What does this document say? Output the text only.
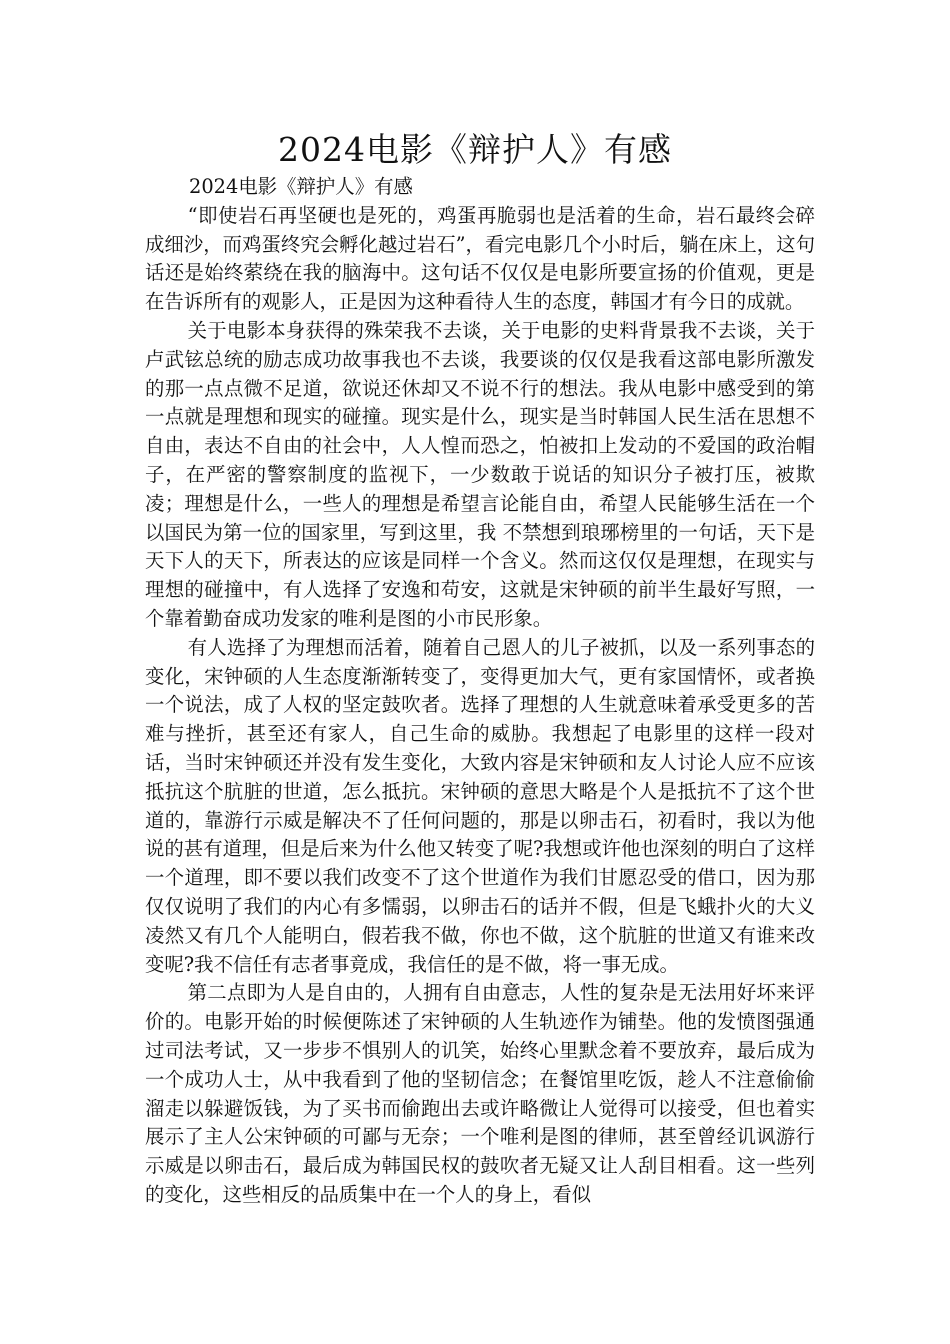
2024电影《辩护人》有感

2024电影《辩护人》有感

“即使岩石再坚硬也是死的，鸡蛋再脆弱也是活着的生命，岩石最终会碎成细沙，而鸡蛋终究会孵化越过岩石”，看完电影几个小时后，躺在床上，这句话还是始终萦绕在我的脑海中。这句话不仅仅是电影所要宣扬的价值观，更是在告诉所有的观影人，正是因为这种看待人生的态度，韩国才有今日的成就。

关于电影本身获得的殊荣我不去谈，关于电影的史料背景我不去谈，关于卢武铉总统的励志成功故事我也不去谈，我要谈的仅仅是我看这部电影所激发的那一点点微不足道，欲说还休却又不说不行的想法。我从电影中感受到的第一点就是理想和现实的碰撞。现实是什么，现实是当时韩国人民生活在思想不自由，表达不自由的社会中，人人惶而恐之，怕被扣上发动的不爱国的政治帽子，在严密的警察制度的监视下，一少数敢于说话的知识分子被打压，被欺凌；理想是什么，一些人的理想是希望言论能自由，希望人民能够生活在一个以国民为第一位的国家里，写到这里，我 不禁想到琅琊榜里的一句话，天下是天下人的天下，所表达的应该是同样一个含义。然而这仅仅是理想，在现实与理想的碰撞中，有人选择了安逸和苟安，这就是宋钟硕的前半生最好写照，一个靠着勤奋成功发家的唯利是图的小市民形象。

有人选择了为理想而活着，随着自己恩人的儿子被抓，以及一系列事态的变化，宋钟硕的人生态度渐渐转变了，变得更加大气，更有家国情怀，或者换一个说法，成了人权的坚定鼓吹者。选择了理想的人生就意味着承受更多的苦难与挫折，甚至还有家人，自己生命的威胁。我想起了电影里的这样一段对话，当时宋钟硕还并没有发生变化，大致内容是宋钟硕和友人讨论人应不应该抵抗这个肮脏的世道，怎么抵抗。宋钟硕的意思大略是个人是抵抗不了这个世道的，靠游行示威是解决不了任何问题的，那是以卵击石，初看时，我以为他说的甚有道理，但是后来为什么他又转变了呢?我想或许他也深刻的明白了这样一个道理，即不要以我们改变不了这个世道作为我们甘愿忍受的借口，因为那仅仅说明了我们的内心有多懦弱，以卵击石的话并不假，但是飞蛾扑火的大义凌然又有几个人能明白，假若我不做，你也不做，这个肮脏的世道又有谁来改变呢?我不信任有志者事竟成，我信任的是不做，将一事无成。

第二点即为人是自由的，人拥有自由意志，人性的复杂是无法用好坏来评价的。电影开始的时候便陈述了宋钟硕的人生轨迹作为铺垫。他的发愤图强通过司法考试，又一步步不惧别人的讥笑，始终心里默念着不要放弃，最后成为一个成功人士，从中我看到了他的坚韧信念；在餐馆里吃饭，趁人不注意偷偷溜走以躲避饭钱，为了买书而偷跑出去或许略微让人觉得可以接受，但也着实展示了主人公宋钟硕的可鄙与无奈；一个唯利是图的律师，甚至曾经讥讽游行示威是以卵击石，最后成为韩国民权的鼓吹者无疑又让人刮目相看。这一些列的变化，这些相反的品质集中在一个人的身上，看似
